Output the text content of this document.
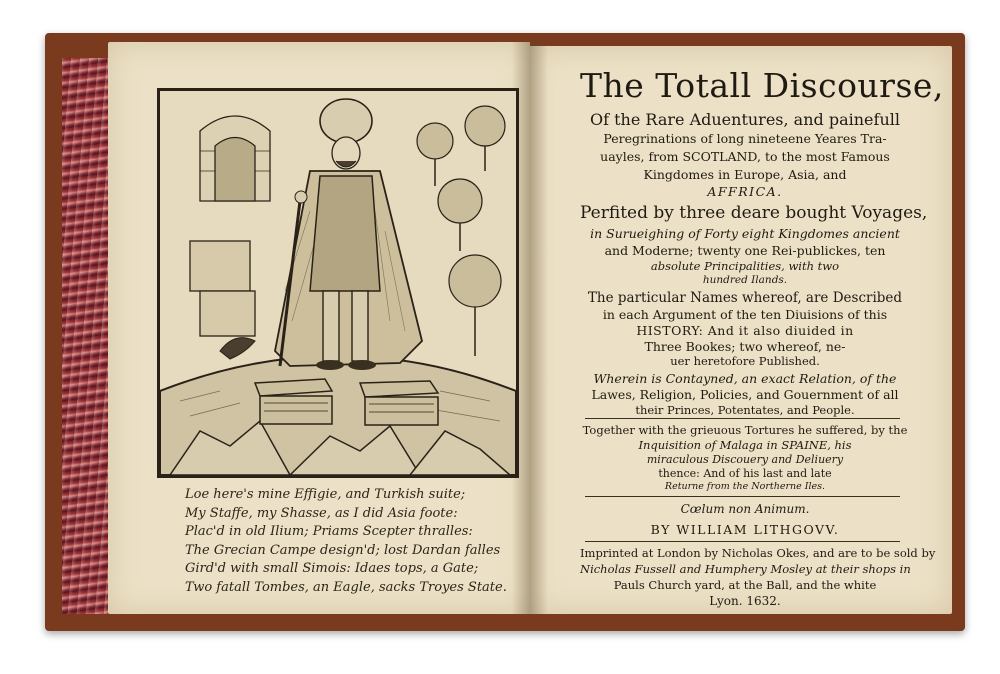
Loe here's mine Effigie, and Turkish suite;
My Staffe, my Shasse, as I did Asia foote:
Plac'd in old Ilium; Priams Scepter thralles:
The Grecian Campe design'd; lost Dardan falles
Gird'd with small Simois: Idaes tops, a Gate;
Two fatall Tombes, an Eagle, sacks Troyes State.
The Totall Discourse,
Of the Rare Aduentures, and painefull
Peregrinations of long nineteene Yeares Tra-
uayles, from SCOTLAND, to the most Famous
Kingdomes in Europe, Asia, and
AFFRICA.
Perfited by three deare bought Voyages,
in Surueighing of Forty eight Kingdomes ancient
and Moderne; twenty one Rei-publickes, ten
absolute Principalities, with two
hundred Ilands.
The particular Names whereof, are Described
in each Argument of the ten Diuisions of this
HISTORY: And it also diuided in
Three Bookes; two whereof, ne-
uer heretofore Published.
Wherein is Contayned, an exact Relation, of the
Lawes, Religion, Policies, and Gouernment of all
their Princes, Potentates, and People.
Together with the grieuous Tortures he suffered, by the
Inquisition of Malaga in SPAINE, his
miraculous Discouery and Deliuery
thence: And of his last and late
Returne from the Northerne Iles.
Cœlum non Animum.
BY WILLIAM LITHGOVV.
Imprinted at London by Nicholas Okes, and are to be sold by
Nicholas Fussell and Humphery Mosley at their shops in
Pauls Church yard, at the Ball, and the white
Lyon. 1632.
